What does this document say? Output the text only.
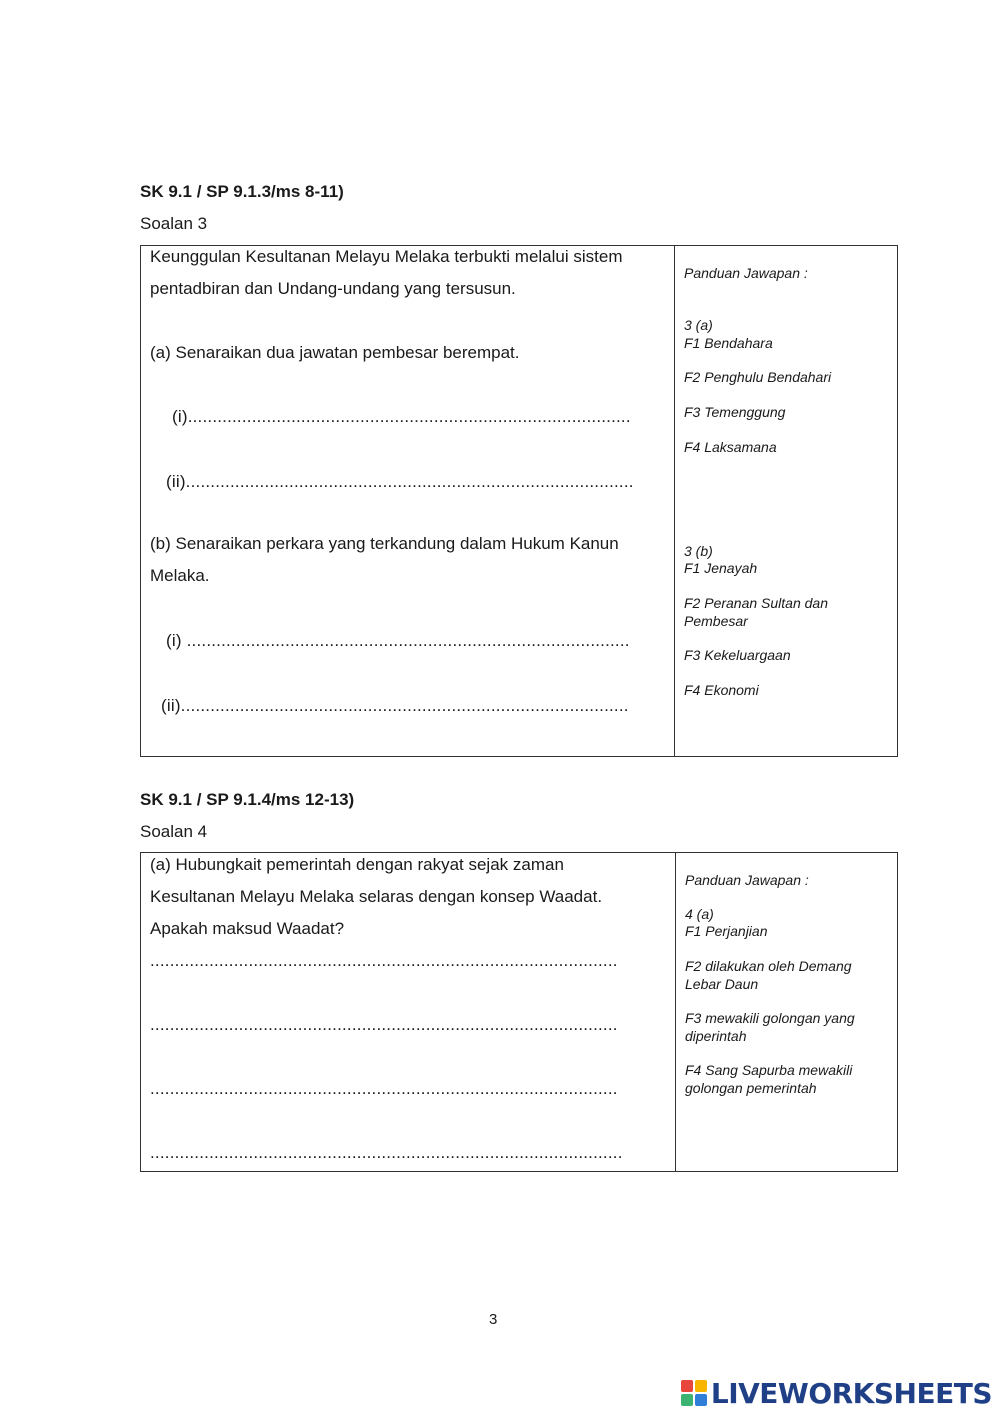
SK 9.1 / SP 9.1.3/ms 8-11)
Soalan 3
Keunggulan Kesultanan Melayu Melaka terbukti melalui sistem
pentadbiran dan Undang-undang yang tersusun.
(a) Senaraikan dua jawatan pembesar berempat.
(i)..........................................................................................
(ii)...........................................................................................
(b) Senaraikan perkara yang terkandung dalam Hukum Kanun
Melaka.
(i) ..........................................................................................
(ii)...........................................................................................
Panduan Jawapan :
3 (a)
F1 Bendahara
F2 Penghulu Bendahari
F3 Temenggung
F4 Laksamana
3 (b)
F1 Jenayah
F2 Peranan Sultan dan Pembesar
F3 Kekeluargaan
F4 Ekonomi
SK 9.1 / SP 9.1.4/ms 12-13)
Soalan 4
(a) Hubungkait pemerintah dengan rakyat sejak zaman
Kesultanan Melayu Melaka selaras dengan konsep Waadat.
Apakah maksud Waadat?
...............................................................................................
...............................................................................................
...............................................................................................
................................................................................................
Panduan Jawapan :
4 (a)
F1 Perjanjian
F2 dilakukan oleh Demang Lebar Daun
F3 mewakili golongan yang diperintah
F4 Sang Sapurba mewakili golongan pemerintah
3
LIVEWORKSHEETS
